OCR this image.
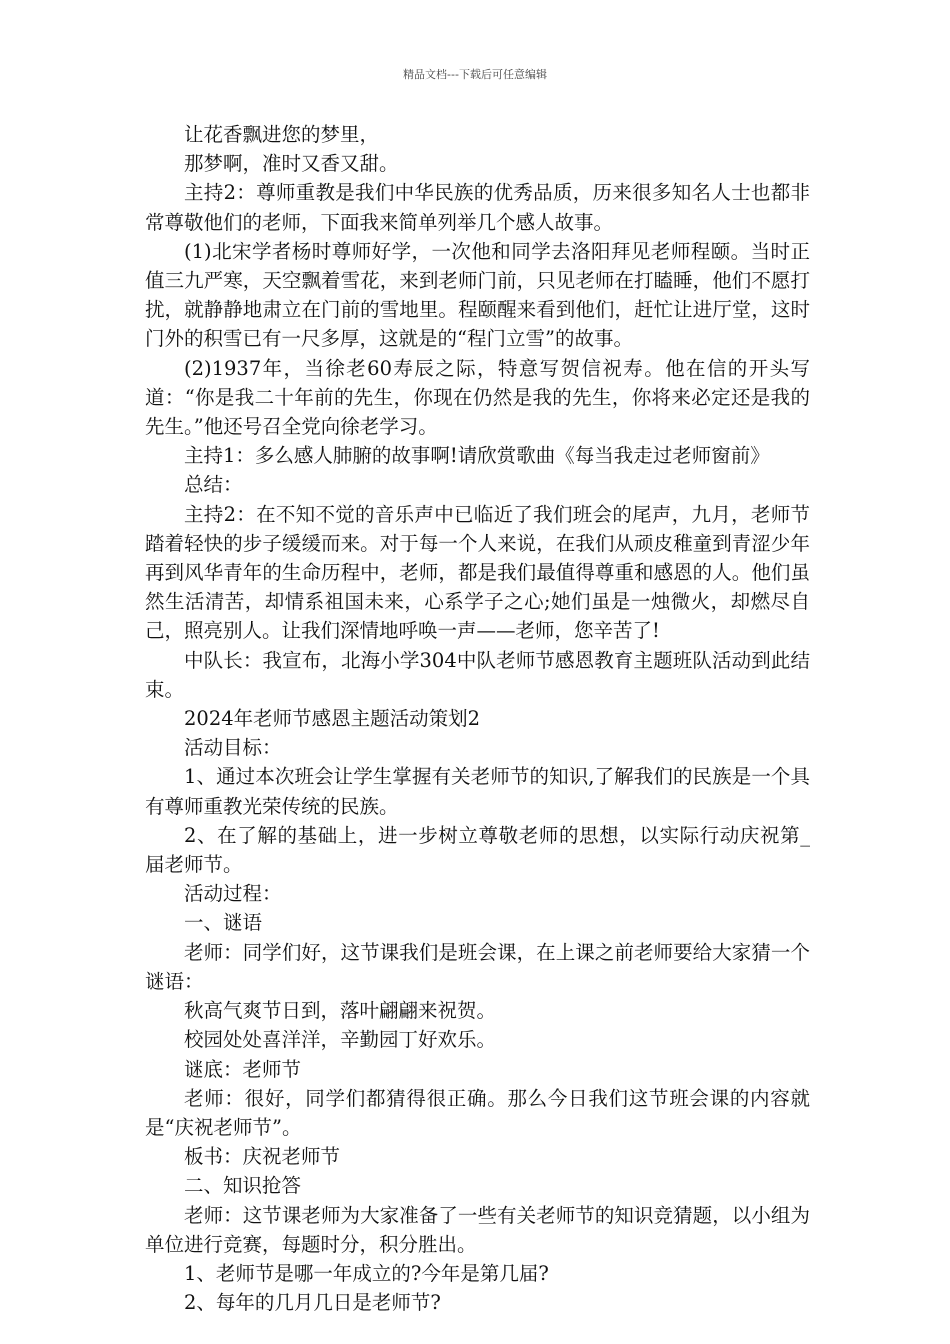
精品文档---下载后可任意编辑

让花香飘进您的梦里，

那梦啊，准时又香又甜。

主持2：尊师重教是我们中华民族的优秀品质，历来很多知名人士也都非常尊敬他们的老师，下面我来简单列举几个感人故事。

(1)北宋学者杨时尊师好学，一次他和同学去洛阳拜见老师程颐。当时正值三九严寒，天空飘着雪花，来到老师门前，只见老师在打瞌睡，他们不愿打扰，就静静地肃立在门前的雪地里。程颐醒来看到他们，赶忙让进厅堂，这时门外的积雪已有一尺多厚，这就是的“程门立雪”的故事。

(2)1937年，当徐老60寿辰之际，特意写贺信祝寿。他在信的开头写道：“你是我二十年前的先生，你现在仍然是我的先生，你将来必定还是我的先生。”他还号召全党向徐老学习。

主持1：多么感人肺腑的故事啊!请欣赏歌曲《每当我走过老师窗前》

总结：

主持2：在不知不觉的音乐声中已临近了我们班会的尾声，九月，老师节踏着轻快的步子缓缓而来。对于每一个人来说，在我们从顽皮稚童到青涩少年再到风华青年的生命历程中，老师，都是我们最值得尊重和感恩的人。他们虽然生活清苦，却情系祖国未来，心系学子之心;她们虽是一烛微火，却燃尽自己，照亮别人。让我们深情地呼唤一声——老师，您辛苦了!

中队长：我宣布，北海小学304中队老师节感恩教育主题班队活动到此结束。

2024年老师节感恩主题活动策划2

活动目标：

1、通过本次班会让学生掌握有关老师节的知识,了解我们的民族是一个具有尊师重教光荣传统的民族。

2、在了解的基础上，进一步树立尊敬老师的思想，以实际行动庆祝第_届老师节。

活动过程：

一、谜语

老师：同学们好，这节课我们是班会课，在上课之前老师要给大家猜一个谜语：

秋高气爽节日到，落叶翩翩来祝贺。

校园处处喜洋洋，辛勤园丁好欢乐。

谜底：老师节

老师：很好，同学们都猜得很正确。那么今日我们这节班会课的内容就是“庆祝老师节”。

板书：庆祝老师节

二、知识抢答

老师：这节课老师为大家准备了一些有关老师节的知识竞猜题，以小组为单位进行竞赛，每题时分，积分胜出。

1、老师节是哪一年成立的?今年是第几届?

2、每年的几月几日是老师节?
